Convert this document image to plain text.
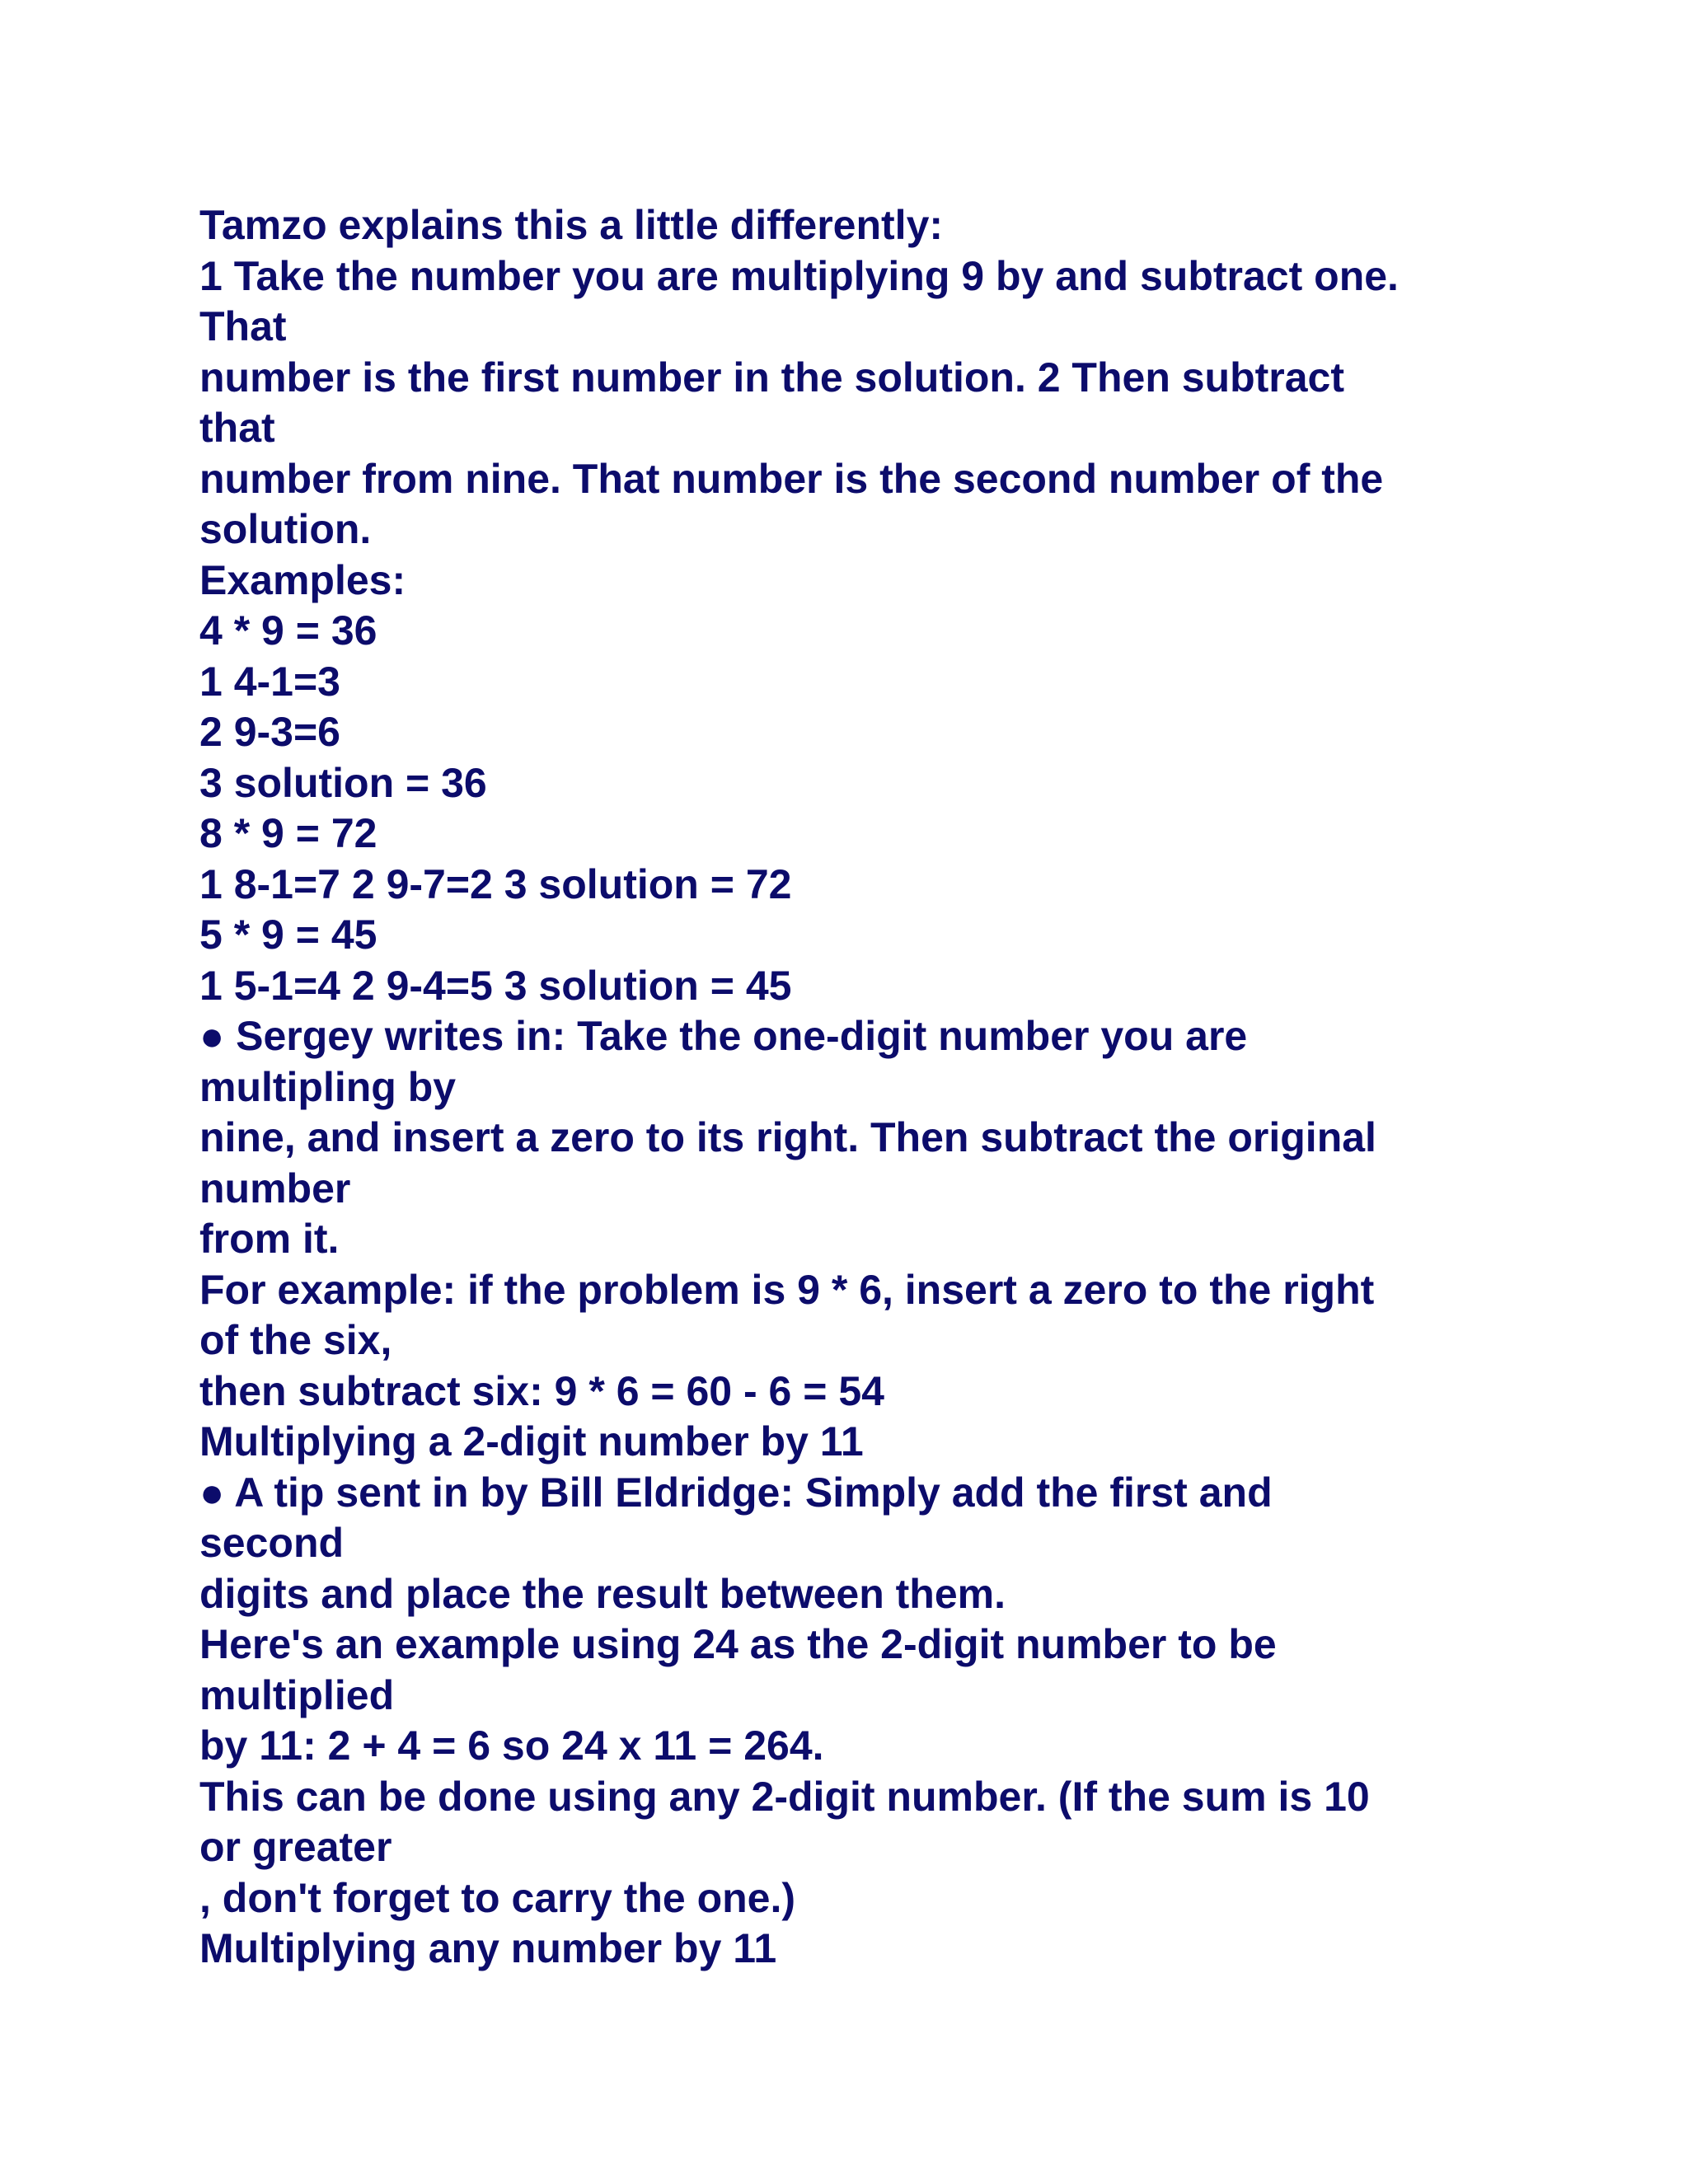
Tamzo explains this a little differently:
1 Take the number you are multiplying 9 by and subtract one.
That
number is the first number in the solution. 2 Then subtract
that
number from nine. That number is the second number of the
solution.
Examples:
4 * 9 = 36
1 4-1=3
2 9-3=6
3 solution = 36
8 * 9 = 72
1 8-1=7 2 9-7=2 3 solution = 72
5 * 9 = 45
1 5-1=4 2 9-4=5 3 solution = 45
● Sergey writes in: Take the one-digit number you are
multipling by
nine, and insert a zero to its right. Then subtract the original
number
from it.
For example: if the problem is 9 * 6, insert a zero to the right
of the six,
then subtract six: 9 * 6 = 60 - 6 = 54
Multiplying a 2-digit number by 11
● A tip sent in by Bill Eldridge: Simply add the first and
second
digits and place the result between them.
Here's an example using 24 as the 2-digit number to be
multiplied
by 11: 2 + 4 = 6 so 24 x 11 = 264.
This can be done using any 2-digit number. (If the sum is 10
or greater
, don't forget to carry the one.)
Multiplying any number by 11
